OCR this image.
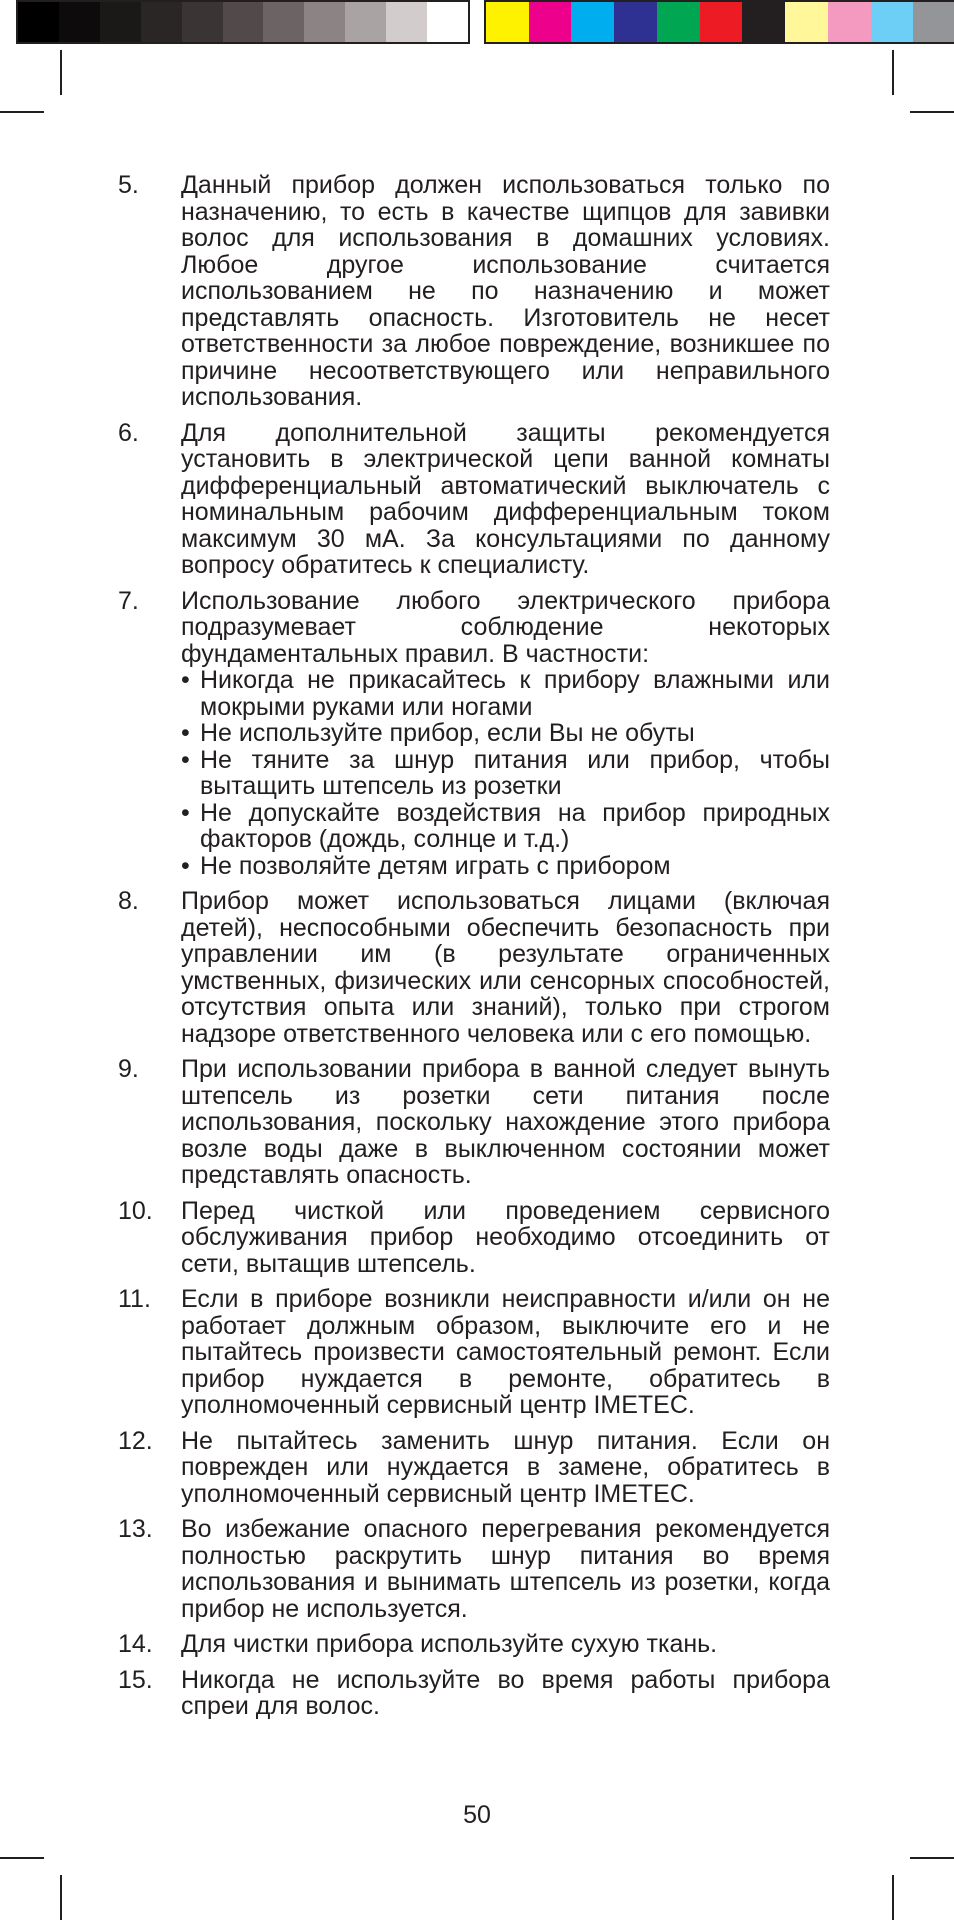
5.	Данный прибор должен использоваться только по назначению, то есть в качестве щипцов для завивки волос для использования в домашних условиях. Любое другое использование считается использованием не по назначению и может представлять опасность. Изготовитель не несет ответственности за любое повреждение, возникшее по причине несоответствующего или неправильного использования.

6.	Для дополнительной защиты рекомендуется установить в электрической цепи ванной комнаты дифференциальный автоматический выключатель с номинальным рабочим дифференциальным током максимум 30 мА. За консультациями по данному вопросу обратитесь к специалисту.

7.	Использование любого электрического прибора подразумевает соблюдение некоторых фундаментальных правил. В частности:

• Никогда не прикасайтесь к прибору влажными или мокрыми руками или ногами
• Не используйте прибор, если Вы не обуты
• Не тяните за шнур питания или прибор, чтобы вытащить штепсель из розетки
• Не допускайте воздействия на прибор природных факторов (дождь, солнце и т.д.)
• Не позволяйте детям играть с прибором
8.	Прибор может использоваться лицами (включая детей), неспособными обеспечить безопасность при управлении им (в результате ограниченных умственных, физических или сенсорных способностей, отсутствия опыта или знаний), только при строгом надзоре ответственного человека или с его помощью.

9.	При использовании прибора в ванной следует вынуть штепсель из розетки сети питания после использования, поскольку нахождение этого прибора возле воды даже в выключенном состоянии может представлять опасность.

10.	Перед чисткой или проведением сервисного обслуживания прибор необходимо отсоединить от сети, вытащив штепсель.

11.	Если в приборе возникли неисправности и/или он не работает должным образом, выключите его и не пытайтесь произвести самостоятельный ремонт. Если прибор нуждается в ремонте, обратитесь в уполномоченный сервисный центр IMETEC.

12.	Не пытайтесь заменить шнур питания. Если он поврежден или нуждается в замене, обратитесь в уполномоченный сервисный центр IMETEC.

13.	Во избежание опасного перегревания рекомендуется полностью раскрутить шнур питания во время использования и вынимать штепсель из розетки, когда прибор не используется.

14.	Для чистки прибора используйте сухую ткань.

15.	Никогда не используйте во время работы прибора спреи для волос.

50
